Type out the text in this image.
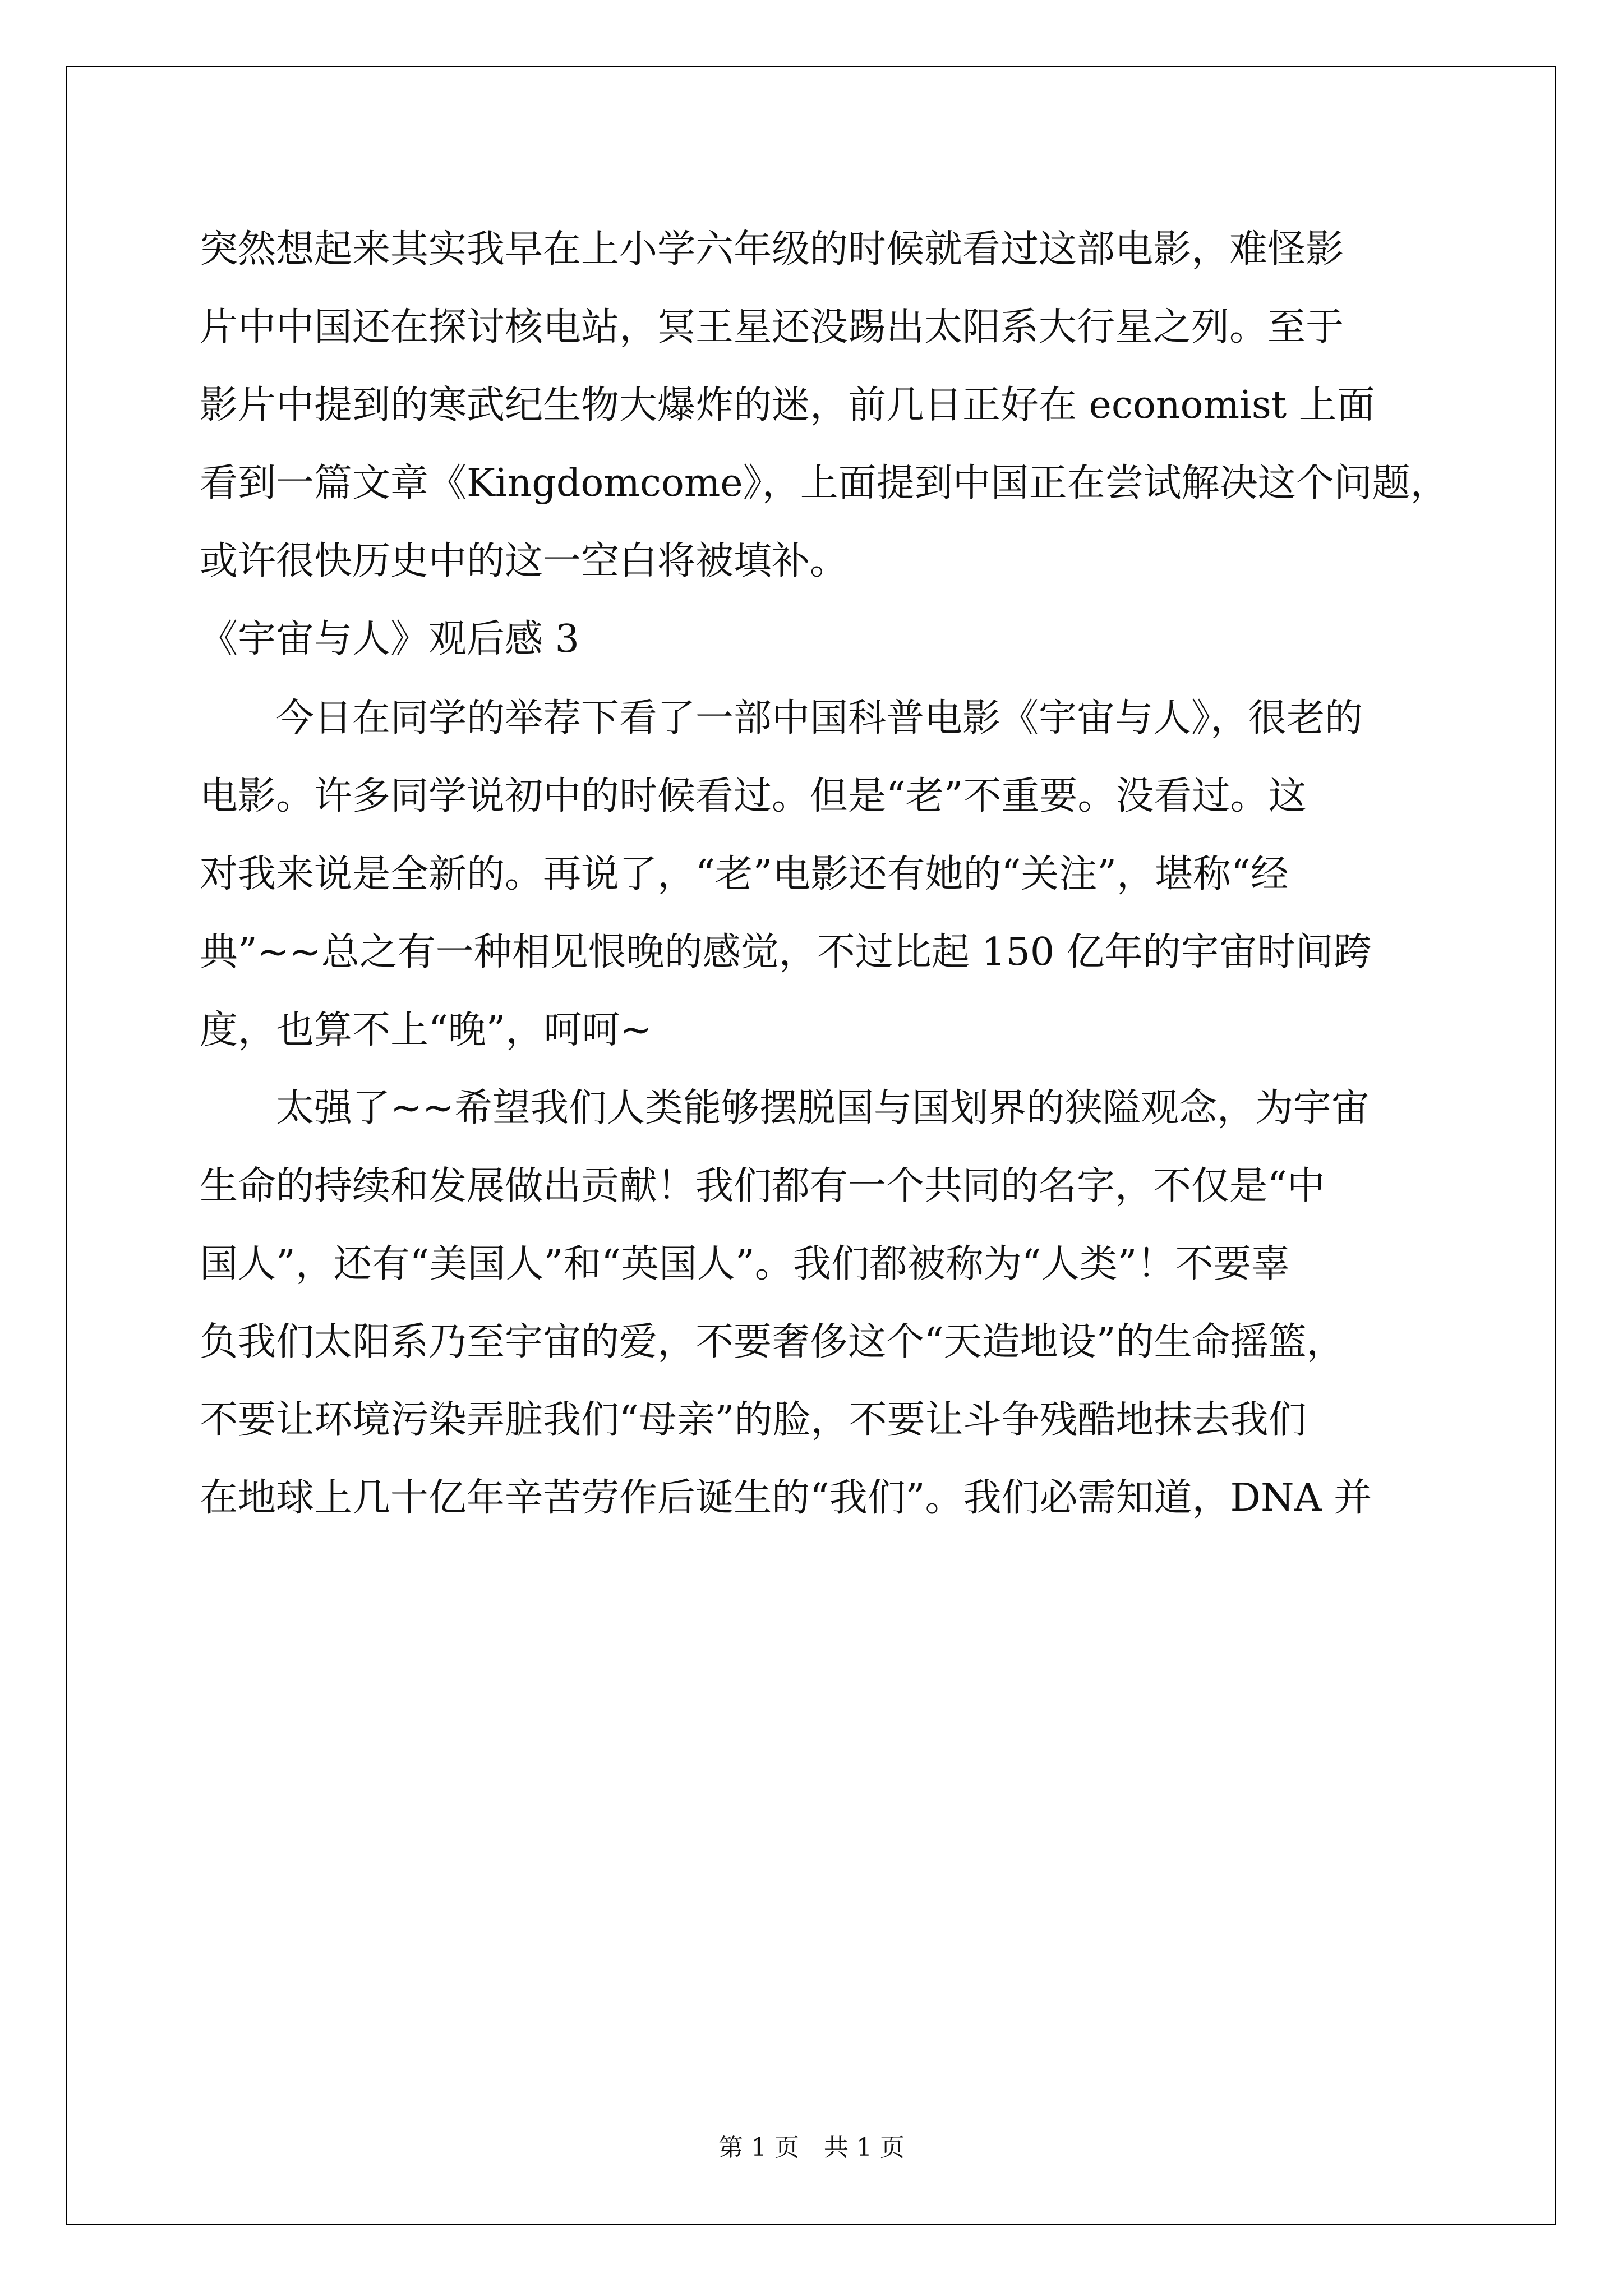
突然想起来其实我早在上小学六年级的时候就看过这部电影，难怪影
片中中国还在探讨核电站，冥王星还没踢出太阳系大行星之列。至于
影片中提到的寒武纪生物大爆炸的迷，前几日正好在 economist 上面
看到一篇文章《Kingdomcome》，上面提到中国正在尝试解决这个问题，
或许很快历史中的这一空白将被填补。
《宇宙与人》观后感 3
　　今日在同学的举荐下看了一部中国科普电影《宇宙与人》，很老的
电影。许多同学说初中的时候看过。但是“老”不重要。没看过。这
对我来说是全新的。再说了，“老”电影还有她的“关注”，堪称“经
典”~~总之有一种相见恨晚的感觉，不过比起 150 亿年的宇宙时间跨
度，也算不上“晚”，呵呵~
　　太强了~~希望我们人类能够摆脱国与国划界的狭隘观念，为宇宙
生命的持续和发展做出贡献！我们都有一个共同的名字，不仅是“中
国人”，还有“美国人”和“英国人”。我们都被称为“人类”！不要辜
负我们太阳系乃至宇宙的爱，不要奢侈这个“天造地设”的生命摇篮，
不要让环境污染弄脏我们“母亲”的脸，不要让斗争残酷地抹去我们
在地球上几十亿年辛苦劳作后诞生的“我们”。我们必需知道，DNA 并
第 1 页　共 1 页
